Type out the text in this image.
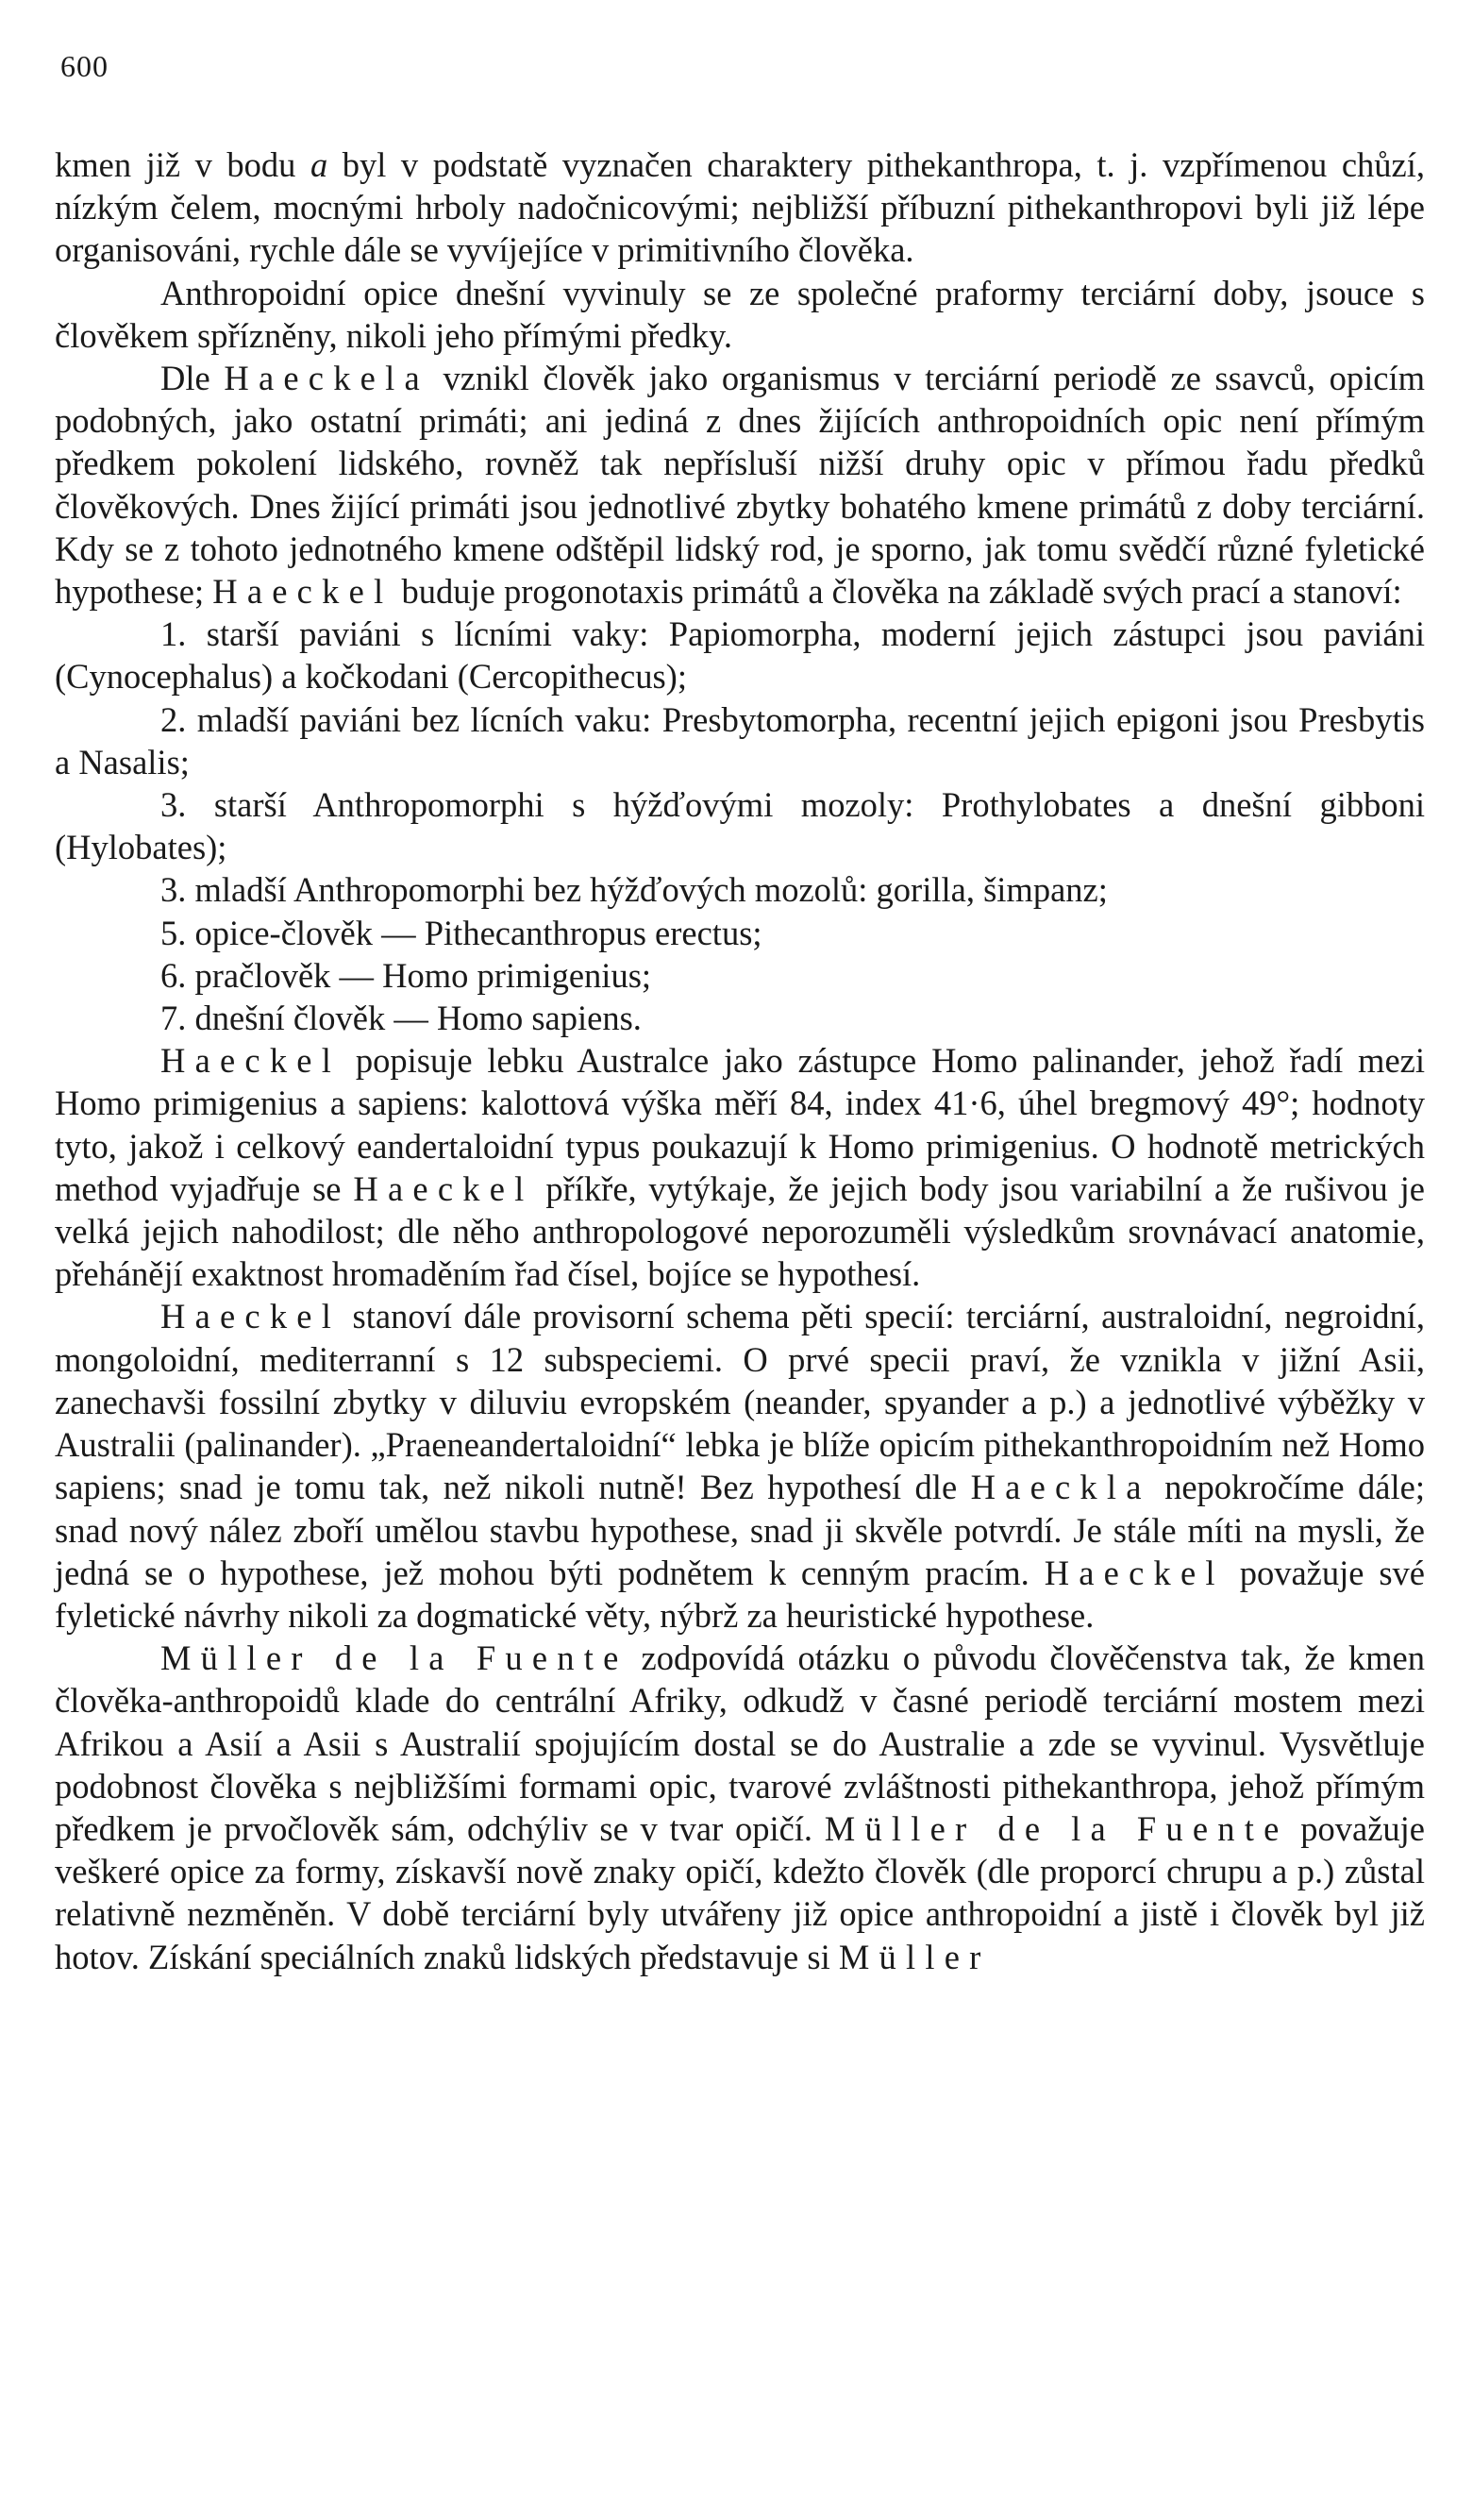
600

kmen již v bodu a byl v podstatě vyznačen charaktery pithekanthropa, t. j. vzpřímenou chůzí, nízkým čelem, mocnými hrboly nadočnicovými; nejbližší příbuzní pithekanthropovi byli již lépe organisováni, rychle dále se vyvíjejíce v primitivního člověka.

Anthropoidní opice dnešní vyvinuly se ze společné praformy terciární doby, jsouce s člověkem spřízněny, nikoli jeho přímými předky.

Dle Haeckela vznikl člověk jako organismus v terciární periodě ze ssavců, opicím podobných, jako ostatní primáti; ani jediná z dnes žijících anthropoidních opic není přímým předkem pokolení lidského, rovněž tak nepřísluší nižší druhy opic v přímou řadu předků člověkových. Dnes žijící primáti jsou jednotlivé zbytky bohatého kmene primátů z doby terciární. Kdy se z tohoto jednotného kmene odštěpil lidský rod, je sporno, jak tomu svědčí různé fyletické hypothese; Haeckel buduje progonotaxis primátů a člověka na základě svých prací a stanoví:

1. starší paviáni s lícními vaky: Papiomorpha, moderní jejich zástupci jsou paviáni (Cynocephalus) a kočkodani (Cercopithecus);

2. mladší paviáni bez lícních vaku: Presbytomorpha, recentní jejich epigoni jsou Presbytis a Nasalis;

3. starší Anthropomorphi s hýžďovými mozoly: Prothylobates a dnešní gibboni (Hylobates);

3. mladší Anthropomorphi bez hýžďových mozolů: gorilla, šimpanz;

5. opice-člověk — Pithecanthropus erectus;

6. pračlověk — Homo primigenius;

7. dnešní člověk — Homo sapiens.

Haeckel popisuje lebku Australce jako zástupce Homo palinander, jehož řadí mezi Homo primigenius a sapiens: kalottová výška měří 84, index 41·6, úhel bregmový 49°; hodnoty tyto, jakož i celkový eandertaloidní typus poukazují k Homo primigenius. O hodnotě metrických method vyjadřuje se Haeckel příkře, vytýkaje, že jejich body jsou variabilní a že rušivou je velká jejich nahodilost; dle něho anthropologové neporozuměli výsledkům srovnávací anatomie, přehánějí exaktnost hromaděním řad čísel, bojíce se hypothesí.

Haeckel stanoví dále provisorní schema pěti specií: terciární, australoidní, negroidní, mongoloidní, mediterranní s 12 subspeciemi. O prvé specii praví, že vznikla v jižní Asii, zanechavši fossilní zbytky v diluviu evropském (neander, spyander a p.) a jednotlivé výběžky v Australii (palinander). „Praeneandertaloidní“ lebka je blíže opicím pithekanthropoidním než Homo sapiens; snad je tomu tak, než nikoli nutně! Bez hypothesí dle Haeckla nepokročíme dále; snad nový nález zboří umělou stavbu hypothese, snad ji skvěle potvrdí. Je stále míti na mysli, že jedná se o hypothese, jež mohou býti podnětem k cenným pracím. Haeckel považuje své fyletické návrhy nikoli za dogmatické věty, nýbrž za heuristické hypothese.

Müller de la Fuente zodpovídá otázku o původu člověčenstva tak, že kmen člověka-anthropoidů klade do centrální Afriky, odkudž v časné periodě terciární mostem mezi Afrikou a Asií a Asii s Australií spojujícím dostal se do Australie a zde se vyvinul. Vysvětluje podobnost člověka s nejbližšími formami opic, tvarové zvláštnosti pithekanthropa, jehož přímým předkem je prvočlověk sám, odchýliv se v tvar opičí. Müller de la Fuente považuje veškeré opice za formy, získavší nově znaky opičí, kdežto člověk (dle proporcí chrupu a p.) zůstal relativně nezměněn. V době terciární byly utvářeny již opice anthropoidní a jistě i člověk byl již hotov. Získání speciálních znaků lidských představuje si Müller
